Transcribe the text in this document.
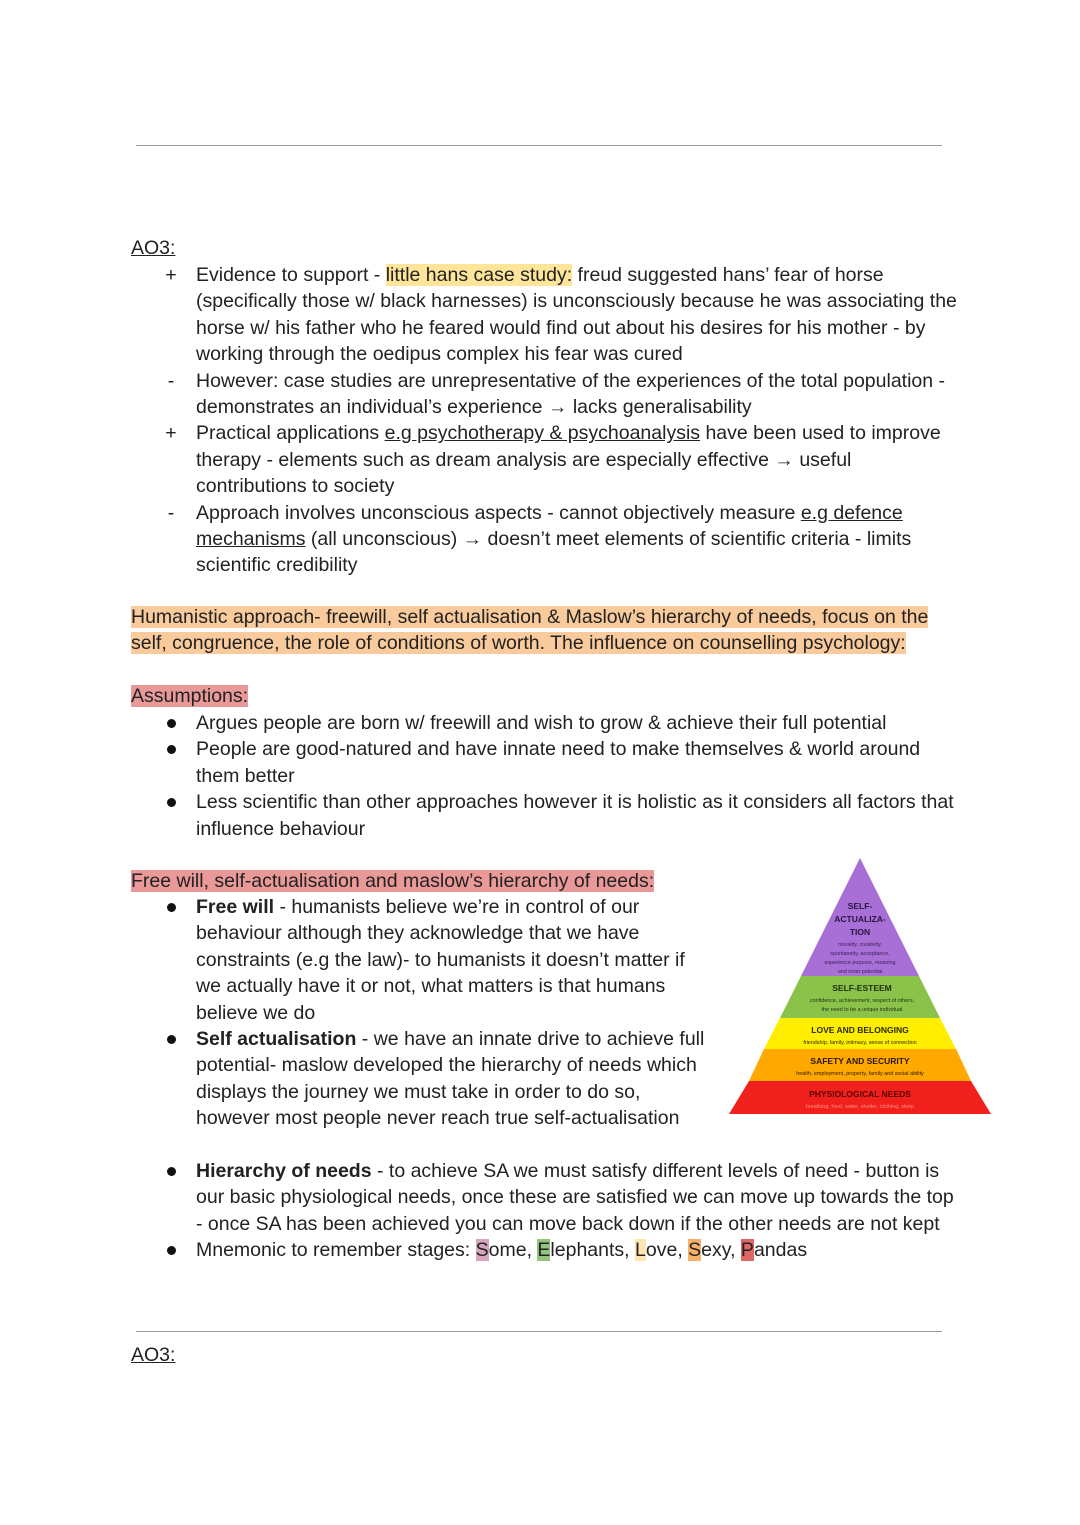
AO3:
+ Evidence to support - little hans case study: freud suggested hans’ fear of horse (specifically those w/ black harnesses) is unconsciously because he was associating the horse w/ his father who he feared would find out about his desires for his mother - by working through the oedipus complex his fear was cured
-	However: case studies are unrepresentative of the experiences of the total population - demonstrates an individual’s experience → lacks generalisability
+ Practical applications e.g psychotherapy & psychoanalysis have been used to improve therapy - elements such as dream analysis are especially effective → useful contributions to society
-	Approach involves unconscious aspects - cannot objectively measure e.g defence mechanisms (all unconscious) → doesn’t meet elements of scientific criteria - limits scientific credibility
Humanistic approach- freewill, self actualisation & Maslow’s hierarchy of needs, focus on the self, congruence, the role of conditions of worth. The influence on counselling psychology:
Assumptions:
Argues people are born w/ freewill and wish to grow & achieve their full potential
People are good-natured and have innate need to make themselves & world around them better
Less scientific than other approaches however it is holistic as it considers all factors that influence behaviour
Free will, self-actualisation and maslow’s hierarchy of needs:
Free will - humanists believe we’re in control of our behaviour although they acknowledge that we have constraints (e.g the law)- to humanists it doesn’t matter if we actually have it or not, what matters is that humans believe we do
Self actualisation - we have an innate drive to achieve full potential- maslow developed the hierarchy of needs which displays the journey we must take in order to do so, however most people never reach true self-actualisation
Hierarchy of needs - to achieve SA we must satisfy different levels of need - button is our basic physiological needs, once these are satisfied we can move up towards the top - once SA has been achieved you can move back down if the other needs are not kept
Mnemonic to remember stages: Some, Elephants, Love, Sexy, Pandas
SELF-
ACTUALIZA-
TION
morality, creativity,
spontaneity, acceptance,
experience purpose, meaning
and inner potential
SELF-ESTEEM
confidence, achievement, respect of others,
the need to be a unique individual
LOVE AND BELONGING
friendship, family, intimacy, sense of connection
SAFETY AND SECURITY
health, employment, property, family and social ability
PHYSIOLOGICAL NEEDS
breathing, food, water, shelter, clothing, sleep
AO3:
